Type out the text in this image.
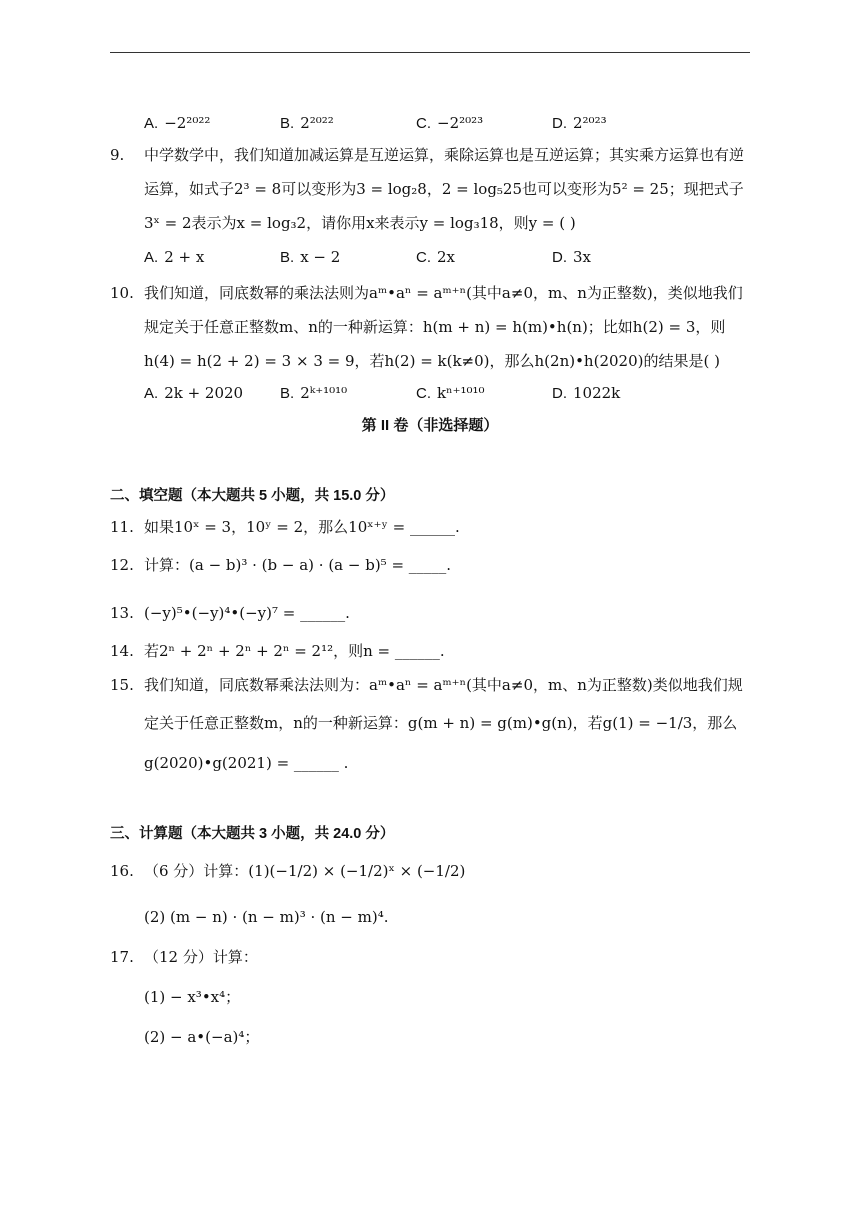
A. −2²⁰²²	B. 2²⁰²²	C. −2²⁰²³	D. 2²⁰²³
9.	中学数学中，我们知道加减运算是互逆运算，乘除运算也是互逆运算；其实乘方运算也有逆
运算，如式子2³ = 8可以变形为3 = log₂8，2 = log₅25也可以变形为5² = 25；现把式子
3ˣ = 2表示为x = log₃2，请你用x来表示y = log₃18，则y = ( )
A. 2 + x	B. x − 2	C. 2x	D. 3x
10. 我们知道，同底数幂的乘法法则为aᵐ•aⁿ = aᵐ⁺ⁿ(其中a≠0，m、n为正整数)，类似地我们
规定关于任意正整数m、n的一种新运算：h(m + n) = h(m)•h(n)；比如h(2) = 3，则
h(4) = h(2 + 2) = 3 × 3 = 9，若h(2) = k(k≠0)，那么h(2n)•h(2020)的结果是( )
A. 2k + 2020 B. 2ᵏ⁺¹⁰¹⁰	C. kⁿ⁺¹⁰¹⁰	D. 1022k
第 II 卷（非选择题）
二、填空题（本大题共 5 小题，共 15.0 分）
11. 如果10ˣ = 3，10ʸ = 2，那么10ˣ⁺ʸ = ______.
12. 计算：(a − b)³ · (b − a) · (a − b)⁵ = _____.
13. (−y)⁵•(−y)⁴•(−y)⁷ = ______.
14. 若2ⁿ + 2ⁿ + 2ⁿ + 2ⁿ = 2¹²，则n = ______.
15. 我们知道，同底数幂乘法法则为：aᵐ•aⁿ = aᵐ⁺ⁿ(其中a≠0，m、n为正整数)类似地我们规
定关于任意正整数m，n的一种新运算：g(m + n) = g(m)•g(n)，若g(1) = −1/3，那么
g(2020)•g(2021) = ______ .
三、计算题（本大题共 3 小题，共 24.0 分）
16. （6 分）计算：(1)(−1/2) × (−1/2)ˣ × (−1/2)
(2) (m − n) · (n − m)³ · (n − m)⁴.
17. （12 分）计算：
(1) − x³•x⁴；
(2) − a•(−a)⁴；
